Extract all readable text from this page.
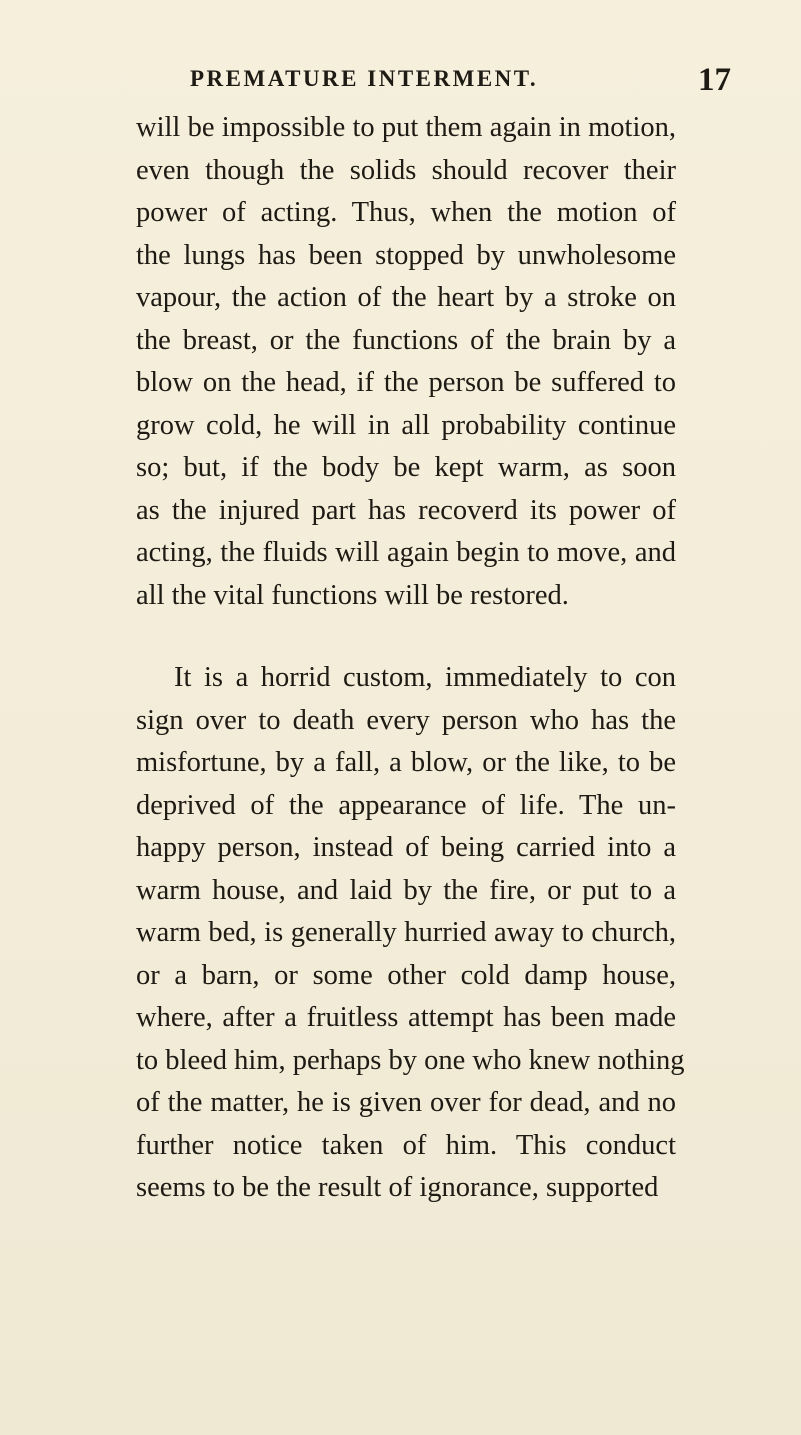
PREMATURE INTERMENT.	17
will be impossible to put them again in motion,
even though the solids should recover their
power of acting. Thus, when the motion of
the lungs has been stopped by unwholesome
vapour, the action of the heart by a stroke on
the breast, or the functions of the brain by a
blow on the head, if the person be suffered to
grow cold, he will in all probability continue
so; but, if the body be kept warm, as soon
as the injured part has recoverd its power of
acting, the fluids will again begin to move, and
all the vital functions will be restored.
It is a horrid custom, immediately to con
sign over to death every person who has the
misfortune, by a fall, a blow, or the like, to be
deprived of the appearance of life. The un-
happy person, instead of being carried into a
warm house, and laid by the fire, or put to a
warm bed, is generally hurried away to church,
or a barn, or some other cold damp house,
where, after a fruitless attempt has been made
to bleed him, perhaps by one who knew nothing
of the matter, he is given over for dead, and no
further notice taken of him. This conduct
seems to be the result of ignorance, supported
